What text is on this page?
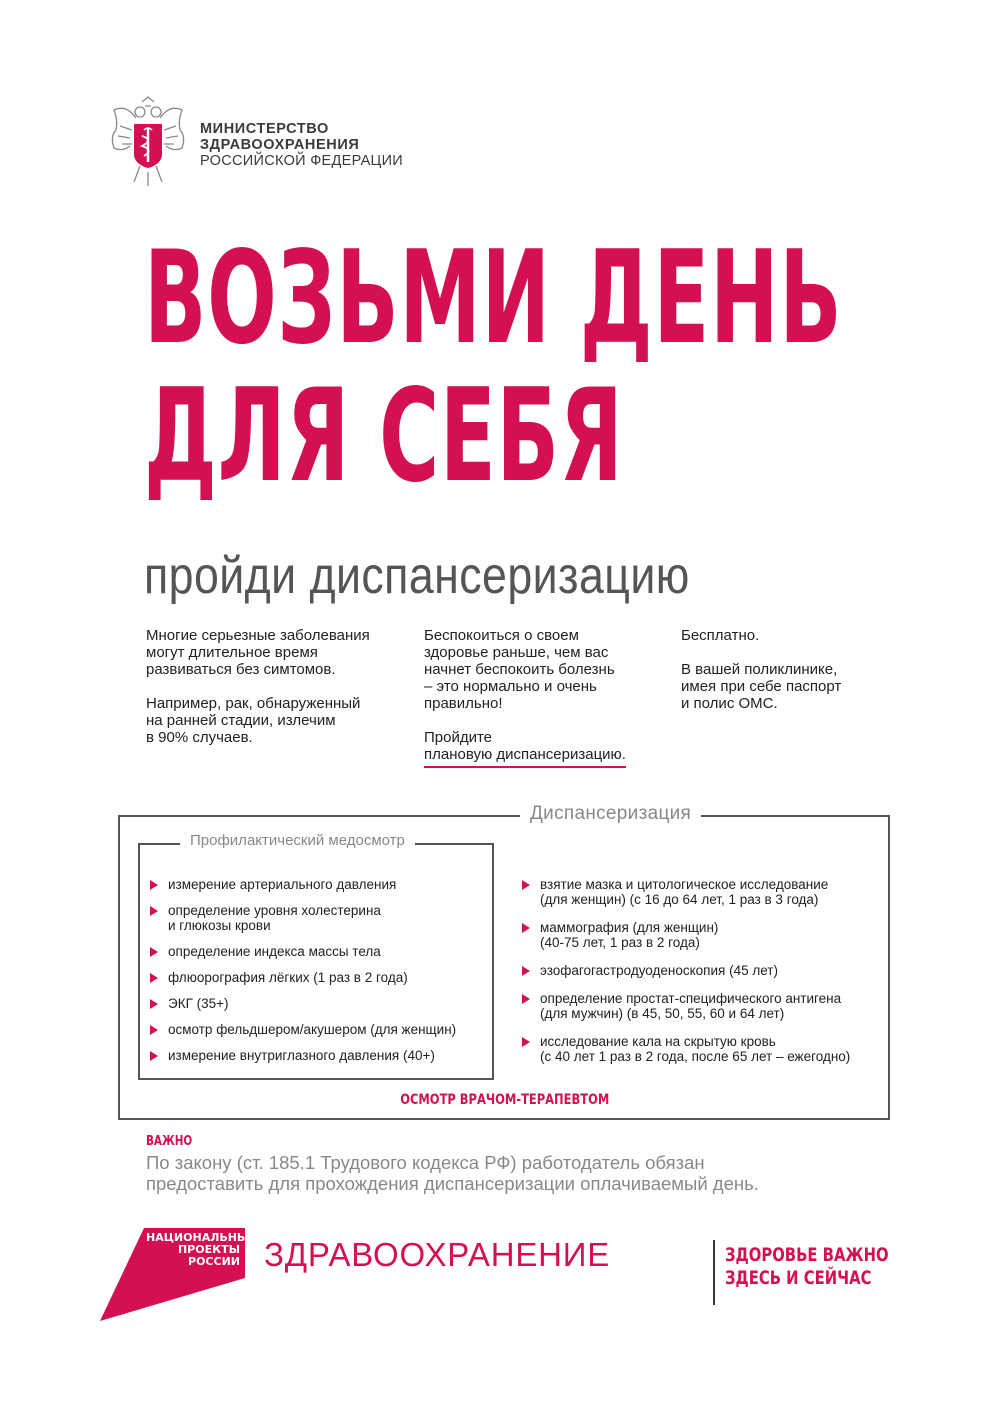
МИНИСТЕРСТВО
ЗДРАВООХРАНЕНИЯ
РОССИЙСКОЙ ФЕДЕРАЦИИ
ВОЗЬМИ ДЕНЬ
ДЛЯ СЕБЯ
пройди диспансеризацию

Многие серьезные заболевания
могут длительное время
развиваться без симтомов.

Например, рак, обнаруженный
на ранней стадии, излечим
в 90% случаев.

Беспокоиться о своем
здоровье раньше, чем вас
начнет беспокоить болезнь
– это нормально и очень
правильно!

Пройдите
плановую диспансеризацию.

Бесплатно.

В вашей поликлинике,
имея при себе паспорт
и полис ОМС.

Диспансеризация
Профилактический медосмотр
измерение артериального давления
определение уровня холестерина
и глюкозы крови
определение индекса массы тела
флюорография лёгких (1 раз в 2 года)
ЭКГ (35+)
осмотр фельдшером/акушером (для женщин)
измерение внутриглазного давления (40+)
взятие мазка и цитологическое исследование
(для женщин) (с 16 до 64 лет, 1 раз в 3 года)
маммография (для женщин)
(40-75 лет, 1 раз в 2 года)
эзофагогастродуоденоскопия (45 лет)
определение простат-специфического антигена
(для мужчин) (в 45, 50, 55, 60 и 64 лет)
исследование кала на скрытую кровь
(с 40 лет 1 раз в 2 года, после 65 лет – ежегодно)
ОСМОТР ВРАЧОМ-ТЕРАПЕВТОМ
ВАЖНО
По закону (ст. 185.1 Трудового кодекса РФ) работодатель обязан
предоставить для прохождения диспансеризации оплачиваемый день.
НАЦИОНАЛЬНЫЕ
ПРОЕКТЫ
РОССИИ ЗДРАВООХРАНЕНИЕ	ЗДОРОВЬЕ ВАЖНО
ЗДЕСЬ И СЕЙЧАС
